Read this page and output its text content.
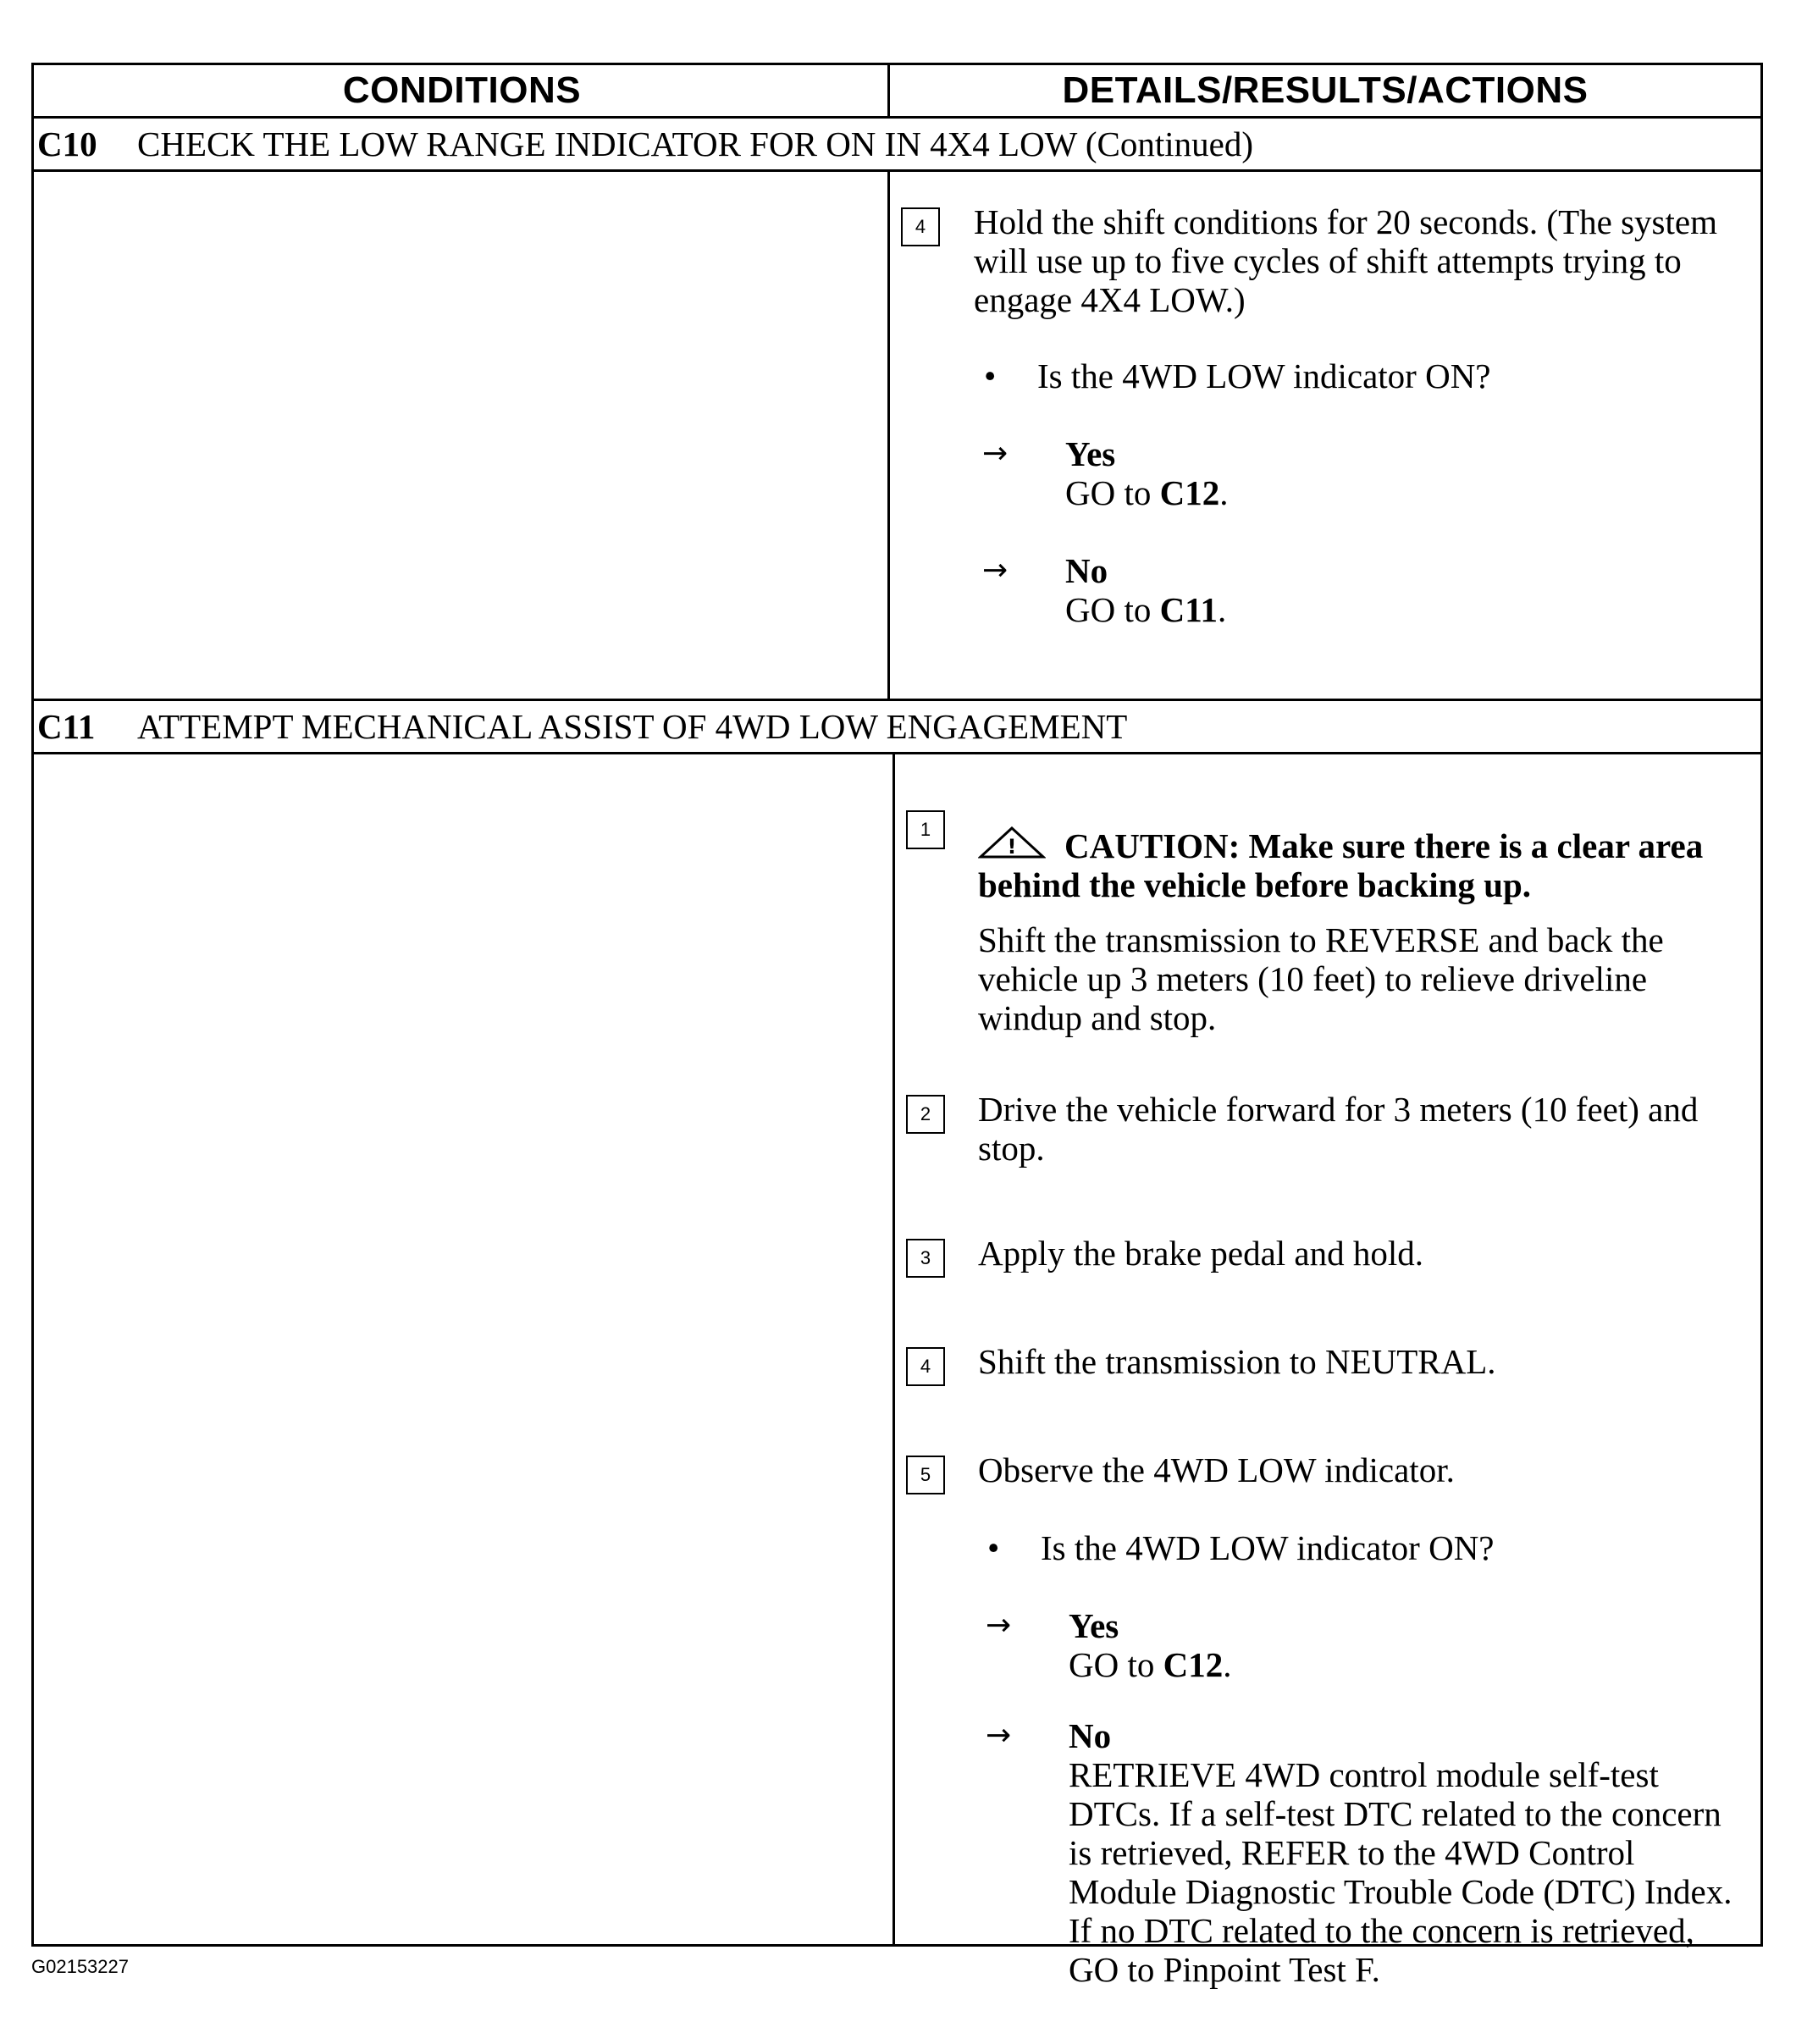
CONDITIONS	DETAILS/RESULTS/ACTIONS
C10 CHECK THE LOW RANGE INDICATOR FOR ON IN 4X4 LOW (Continued)
4	Hold the shift conditions for 20 seconds. (The system will use up to five cycles of shift attempts trying to engage 4X4 LOW.)
• Is the 4WD LOW indicator ON?
→ Yes
GO to C12.
→ No
GO to C11.
C11 ATTEMPT MECHANICAL ASSIST OF 4WD LOW ENGAGEMENT
1
! CAUTION: Make sure there is a clear area behind the vehicle before backing up.
Shift the transmission to REVERSE and back the vehicle up 3 meters (10 feet) to relieve driveline windup and stop.
2	Drive the vehicle forward for 3 meters (10 feet) and stop.
3	Apply the brake pedal and hold.
4	Shift the transmission to NEUTRAL.
5	Observe the 4WD LOW indicator.
• Is the 4WD LOW indicator ON?
→ Yes
GO to C12.
→ No
RETRIEVE 4WD control module self-test DTCs. If a self-test DTC related to the concern is retrieved, REFER to the 4WD Control Module Diagnostic Trouble Code (DTC) Index. If no DTC related to the concern is retrieved, GO to Pinpoint Test F.
G02153227
